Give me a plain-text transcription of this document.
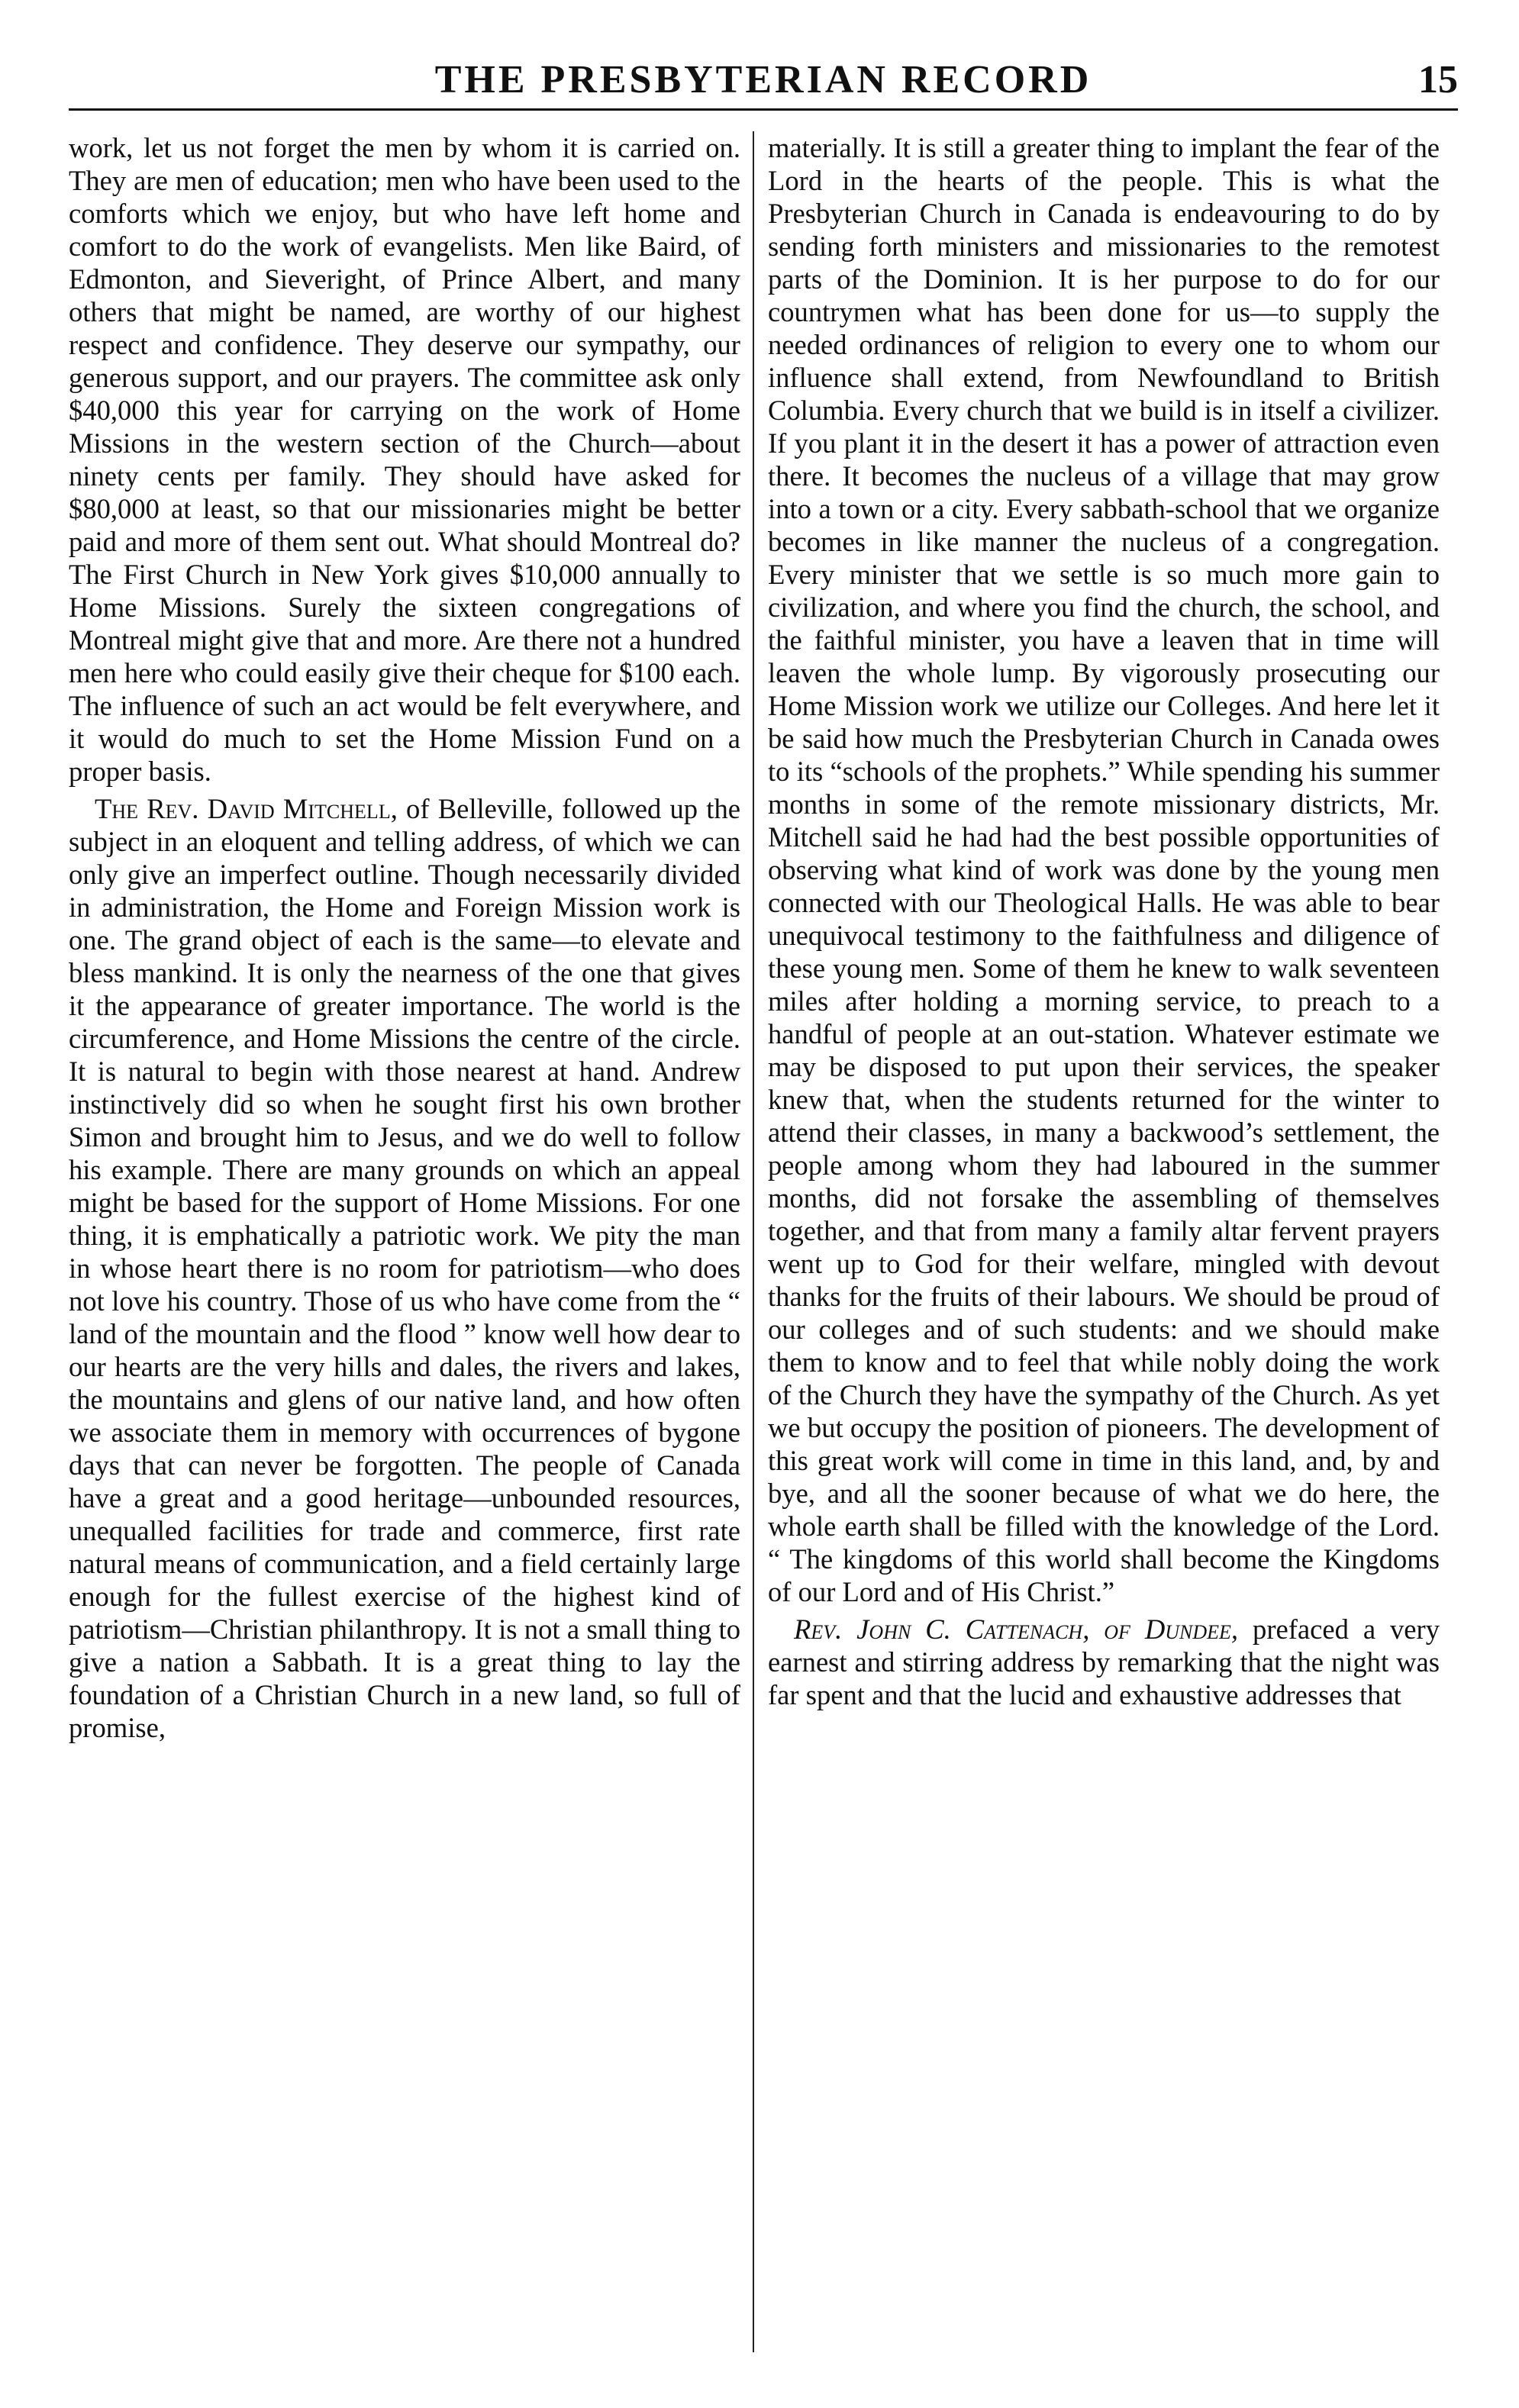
THE PRESBYTERIAN RECORD	15

work, let us not forget the men by whom it is carried on. They are men of education; men who have been used to the comforts which we enjoy, but who have left home and comfort to do the work of evangelists. Men like Baird, of Edmonton, and Sieveright, of Prince Albert, and many others that might be named, are worthy of our highest respect and confidence. They deserve our sympathy, our generous support, and our prayers. The committee ask only $40,000 this year for carrying on the work of Home Missions in the western section of the Church—about ninety cents per family. They should have asked for $80,000 at least, so that our missionaries might be better paid and more of them sent out. What should Montreal do? The First Church in New York gives $10,000 annually to Home Missions. Surely the sixteen congregations of Montreal might give that and more. Are there not a hundred men here who could easily give their cheque for $100 each. The influence of such an act would be felt everywhere, and it would do much to set the Home Mission Fund on a proper basis.

The Rev. David Mitchell, of Belleville, followed up the subject in an eloquent and telling address, of which we can only give an imperfect outline. Though necessarily divided in administration, the Home and Foreign Mission work is one. The grand object of each is the same—to elevate and bless mankind. It is only the nearness of the one that gives it the appearance of greater importance. The world is the circumference, and Home Missions the centre of the circle. It is natural to begin with those nearest at hand. Andrew instinctively did so when he sought first his own brother Simon and brought him to Jesus, and we do well to follow his example. There are many grounds on which an appeal might be based for the support of Home Missions. For one thing, it is emphatically a patriotic work. We pity the man in whose heart there is no room for patriotism—who does not love his country. Those of us who have come from the “ land of the mountain and the flood ” know well how dear to our hearts are the very hills and dales, the rivers and lakes, the mountains and glens of our native land, and how often we associate them in memory with occurrences of bygone days that can never be forgotten. The people of Canada have a great and a good heritage—unbounded resources, unequalled facilities for trade and commerce, first rate natural means of communication, and a field certainly large enough for the fullest exercise of the highest kind of patriotism—Christian philanthropy. It is not a small thing to give a nation a Sabbath. It is a great thing to lay the foundation of a Christian Church in a new land, so full of promise,

materially. It is still a greater thing to implant the fear of the Lord in the hearts of the people. This is what the Presbyterian Church in Canada is endeavouring to do by sending forth ministers and missionaries to the remotest parts of the Dominion. It is her purpose to do for our countrymen what has been done for us—to supply the needed ordinances of religion to every one to whom our influence shall extend, from Newfoundland to British Columbia. Every church that we build is in itself a civilizer. If you plant it in the desert it has a power of attraction even there. It becomes the nucleus of a village that may grow into a town or a city. Every sabbath-school that we organize becomes in like manner the nucleus of a congregation. Every minister that we settle is so much more gain to civilization, and where you find the church, the school, and the faithful minister, you have a leaven that in time will leaven the whole lump. By vigorously prosecuting our Home Mission work we utilize our Colleges. And here let it be said how much the Presbyterian Church in Canada owes to its “schools of the prophets.” While spending his summer months in some of the remote missionary districts, Mr. Mitchell said he had had the best possible opportunities of observing what kind of work was done by the young men connected with our Theological Halls. He was able to bear unequivocal testimony to the faithfulness and diligence of these young men. Some of them he knew to walk seventeen miles after holding a morning service, to preach to a handful of people at an out-station. Whatever estimate we may be disposed to put upon their services, the speaker knew that, when the students returned for the winter to attend their classes, in many a backwood’s settlement, the people among whom they had laboured in the summer months, did not forsake the assembling of themselves together, and that from many a family altar fervent prayers went up to God for their welfare, mingled with devout thanks for the fruits of their labours. We should be proud of our colleges and of such students: and we should make them to know and to feel that while nobly doing the work of the Church they have the sympathy of the Church. As yet we but occupy the position of pioneers. The development of this great work will come in time in this land, and, by and bye, and all the sooner because of what we do here, the whole earth shall be filled with the knowledge of the Lord. “ The kingdoms of this world shall become the Kingdoms of our Lord and of His Christ.”

Rev. John C. Cattenach, of Dundee, prefaced a very earnest and stirring address by remarking that the night was far spent and that the lucid and exhaustive addresses that
